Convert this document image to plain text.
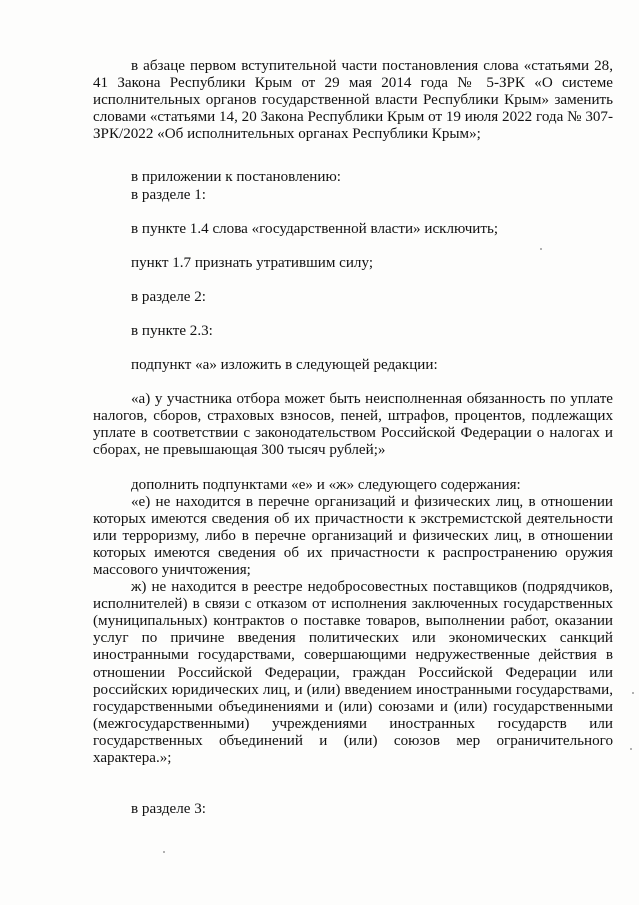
в абзаце первом вступительной части постановления слова «статьями 28, 41 Закона Республики Крым от 29 мая 2014 года № 5-ЗРК «О системе исполнительных органов государственной власти Республики Крым» заменить словами «статьями 14, 20 Закона Республики Крым от 19 июля 2022 года № 307-ЗРК/2022 «Об исполнительных органах Республики Крым»;

в приложении к постановлению:

в разделе 1:

в пункте 1.4 слова «государственной власти» исключить;

пункт 1.7 признать утратившим силу;

в разделе 2:

в пункте 2.3:

подпункт «а» изложить в следующей редакции:

«а) у участника отбора может быть неисполненная обязанность по уплате налогов, сборов, страховых взносов, пеней, штрафов, процентов, подлежащих уплате в соответствии с законодательством Российской Федерации о налогах и сборах, не превышающая 300 тысяч рублей;»

дополнить подпунктами «е» и «ж» следующего содержания:

«е) не находится в перечне организаций и физических лиц, в отношении которых имеются сведения об их причастности к экстремистской деятельности или терроризму, либо в перечне организаций и физических лиц, в отношении которых имеются сведения об их причастности к распространению оружия массового уничтожения;

ж) не находится в реестре недобросовестных поставщиков (подрядчиков, исполнителей) в связи с отказом от исполнения заключенных государственных (муниципальных) контрактов о поставке товаров, выполнении работ, оказании услуг по причине введения политических или экономических санкций иностранными государствами, совершающими недружественные действия в отношении Российской Федерации, граждан Российской Федерации или российских юридических лиц, и (или) введением иностранными государствами, государственными объединениями и (или) союзами и (или) государственными (межгосударственными) учреждениями иностранных государств или государственных объединений и (или) союзов мер ограничительного характера.»;

в разделе 3:
